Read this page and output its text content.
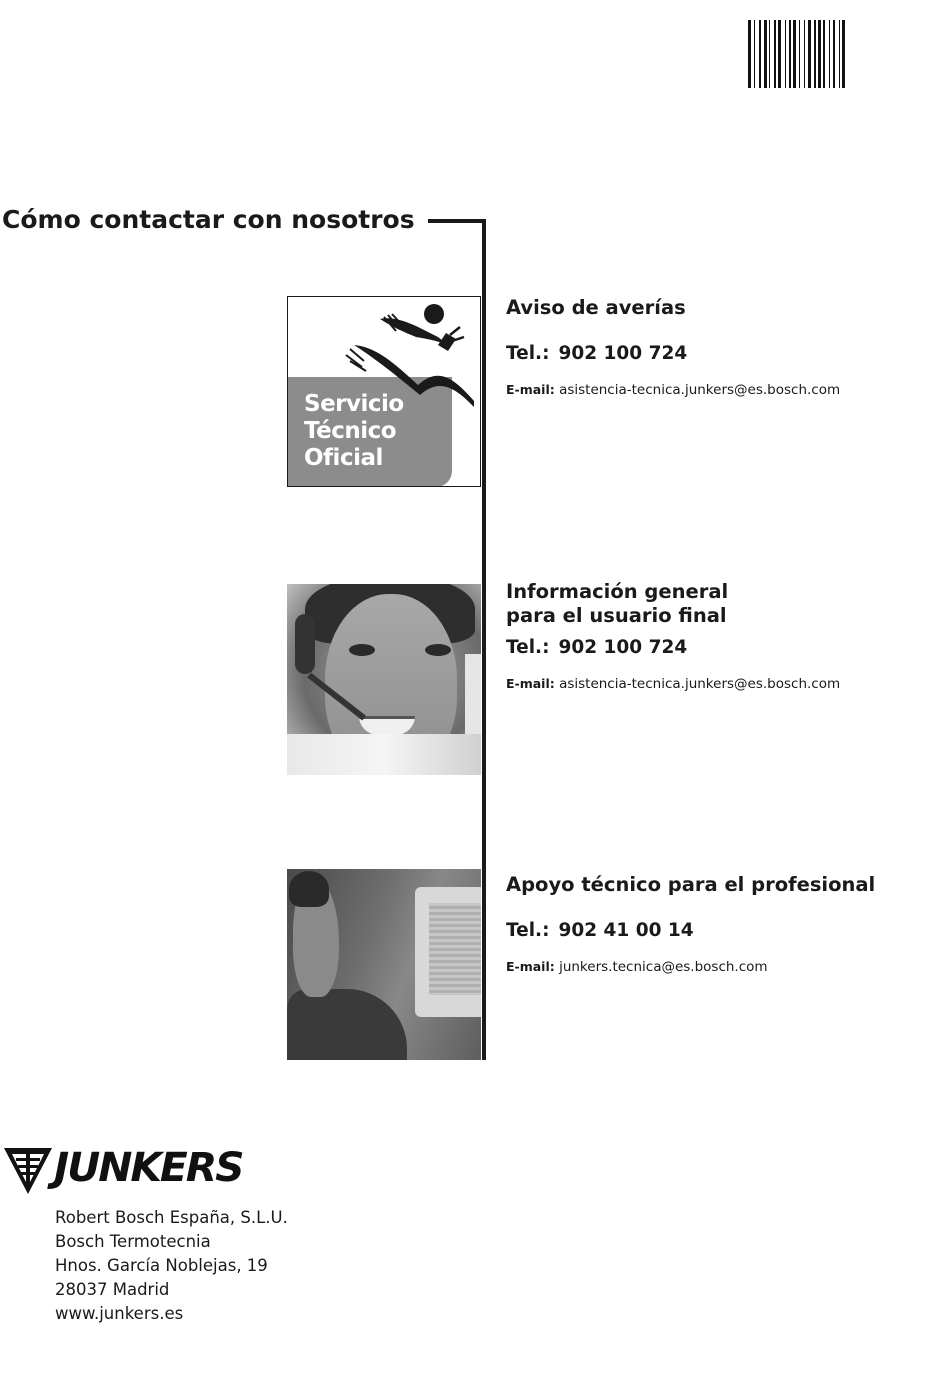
Cómo contactar con nosotros
Servicio
Técnico
Oficial
Aviso de averías
Tel.: 902 100 724
E-mail: asistencia-tecnica.junkers@es.bosch.com
Información general
para el usuario final
Tel.: 902 100 724
E-mail: asistencia-tecnica.junkers@es.bosch.com
Apoyo técnico para el profesional
Tel.: 902 41 00 14
E-mail: junkers.tecnica@es.bosch.com
JUNKERS
Robert Bosch España, S.L.U.
Bosch Termotecnia
Hnos. García Noblejas, 19
28037 Madrid
www.junkers.es
